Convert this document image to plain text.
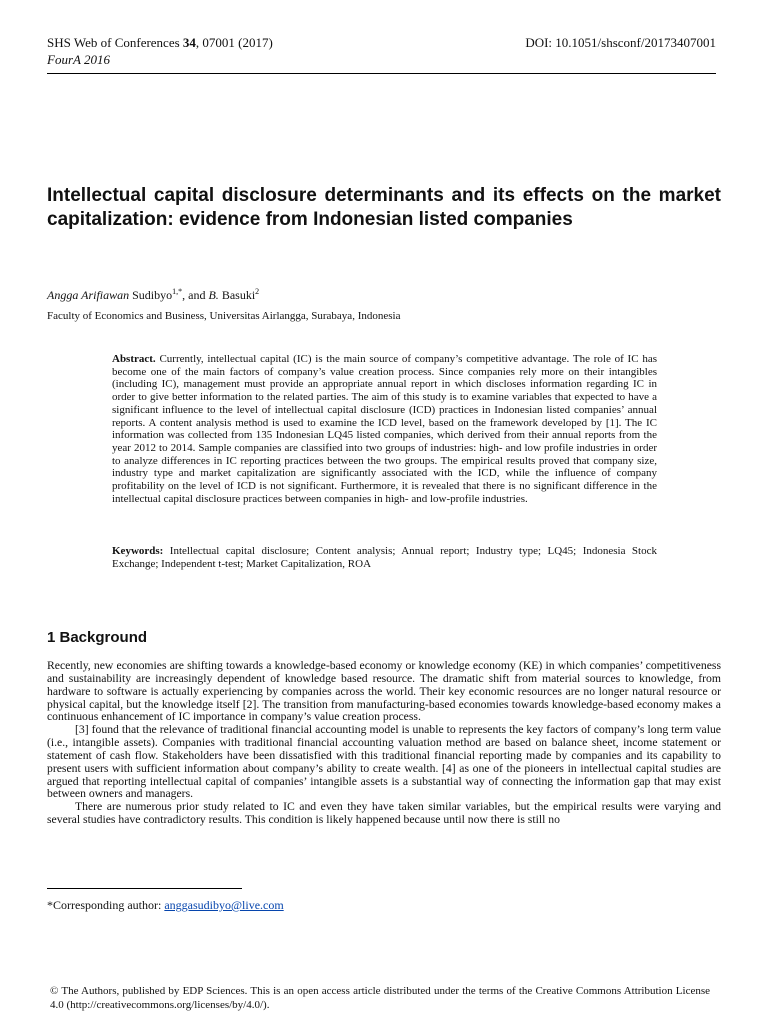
SHS Web of Conferences 34, 07001 (2017)
FourA 2016
DOI: 10.1051/shsconf/20173407001
Intellectual capital disclosure determinants and its effects on the market capitalization: evidence from Indonesian listed companies
Angga Arifiawan Sudibyo$^{1,*}$, and B. Basuki$^2$
Faculty of Economics and Business, Universitas Airlangga, Surabaya, Indonesia

Abstract. Currently, intellectual capital (IC) is the main source of company’s competitive advantage. The role of IC has become one of the main factors of company’s value creation process. Since companies rely more on their intangibles (including IC), management must provide an appropriate annual report in which discloses information regarding IC in order to give better information to the related parties. The aim of this study is to examine variables that expected to have a significant influence to the level of intellectual capital disclosure (ICD) practices in Indonesian listed companies’ annual reports. A content analysis method is used to examine the ICD level, based on the framework developed by [1]. The IC information was collected from 135 Indonesian LQ45 listed companies, which derived from their annual reports from the year 2012 to 2014. Sample companies are classified into two groups of industries: high- and low profile industries in order to analyze differences in IC reporting practices between the two groups. The empirical results proved that company size, industry type and market capitalization are significantly associated with the ICD, while the influence of company profitability on the level of ICD is not significant. Furthermore, it is revealed that there is no significant difference in the intellectual capital disclosure practices between companies in high- and low-profile industries.

Keywords: Intellectual capital disclosure; Content analysis; Annual report; Industry type; LQ45; Indonesia Stock Exchange; Independent t-test; Market Capitalization, ROA

1 Background

Recently, new economies are shifting towards a knowledge-based economy or knowledge economy (KE) in which companies’ competitiveness and sustainability are increasingly dependent of knowledge based resource. The dramatic shift from material sources to knowledge, from hardware to software is actually experiencing by companies across the world. Their key economic resources are no longer natural resource or physical capital, but the knowledge itself [2]. The transition from manufacturing-based economies towards knowledge-based economy makes a continuous enhancement of IC importance in company’s value creation process.

[3] found that the relevance of traditional financial accounting model is unable to represents the key factors of company’s long term value (i.e., intangible assets). Companies with traditional financial accounting valuation method are based on balance sheet, income statement or statement of cash flow. Stakeholders have been dissatisfied with this traditional financial reporting made by companies and its capability to present users with sufficient information about company’s ability to create wealth. [4] as one of the pioneers in intellectual capital studies are argued that reporting intellectual capital of companies’ intangible assets is a substantial way of connecting the information gap that may exist between owners and managers.

There are numerous prior study related to IC and even they have taken similar variables, but the empirical results were varying and several studies have contradictory results. This condition is likely happened because until now there is still no

*Corresponding author: anggasudibyo@live.com

© The Authors, published by EDP Sciences. This is an open access article distributed under the terms of the Creative Commons Attribution License 4.0 (http://creativecommons.org/licenses/by/4.0/).
